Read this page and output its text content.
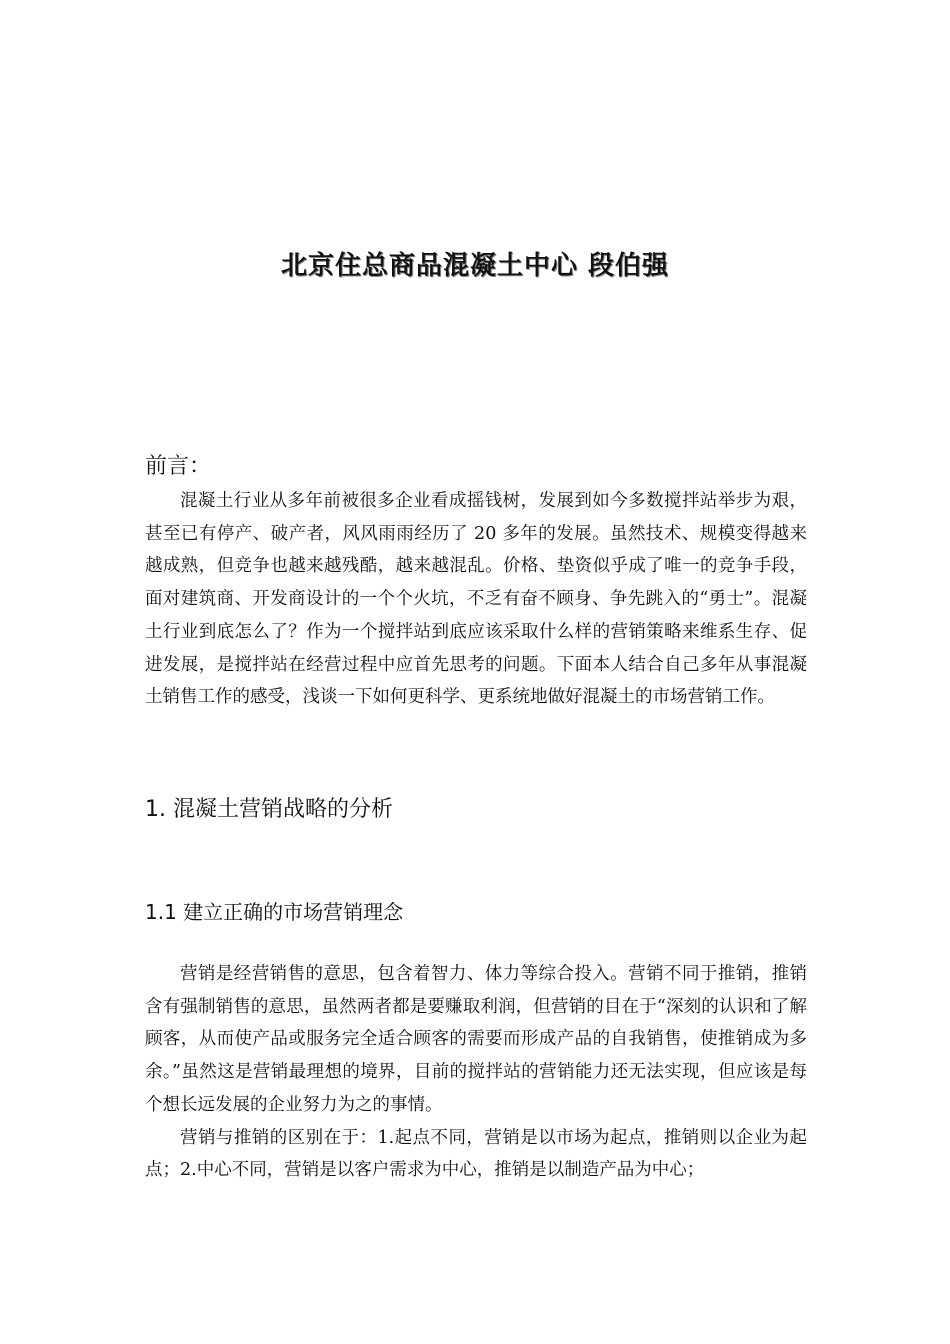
北京住总商品混凝土中心 段伯强
前言：

混凝土行业从多年前被很多企业看成摇钱树，发展到如今多数搅拌站举步为艰，甚至已有停产、破产者，风风雨雨经历了 20 多年的发展。虽然技术、规模变得越来越成熟，但竞争也越来越残酷，越来越混乱。价格、垫资似乎成了唯一的竞争手段，面对建筑商、开发商设计的一个个火坑，不乏有奋不顾身、争先跳入的“勇士”。混凝土行业到底怎么了？作为一个搅拌站到底应该采取什么样的营销策略来维系生存、促进发展，是搅拌站在经营过程中应首先思考的问题。下面本人结合自己多年从事混凝土销售工作的感受，浅谈一下如何更科学、更系统地做好混凝土的市场营销工作。

1. 混凝土营销战略的分析
1.1 建立正确的市场营销理念

营销是经营销售的意思，包含着智力、体力等综合投入。营销不同于推销，推销含有强制销售的意思，虽然两者都是要赚取利润，但营销的目在于“深刻的认识和了解顾客，从而使产品或服务完全适合顾客的需要而形成产品的自我销售，使推销成为多余。”虽然这是营销最理想的境界，目前的搅拌站的营销能力还无法实现，但应该是每个想长远发展的企业努力为之的事情。

营销与推销的区别在于：1.起点不同，营销是以市场为起点，推销则以企业为起点；2.中心不同，营销是以客户需求为中心，推销是以制造产品为中心；
